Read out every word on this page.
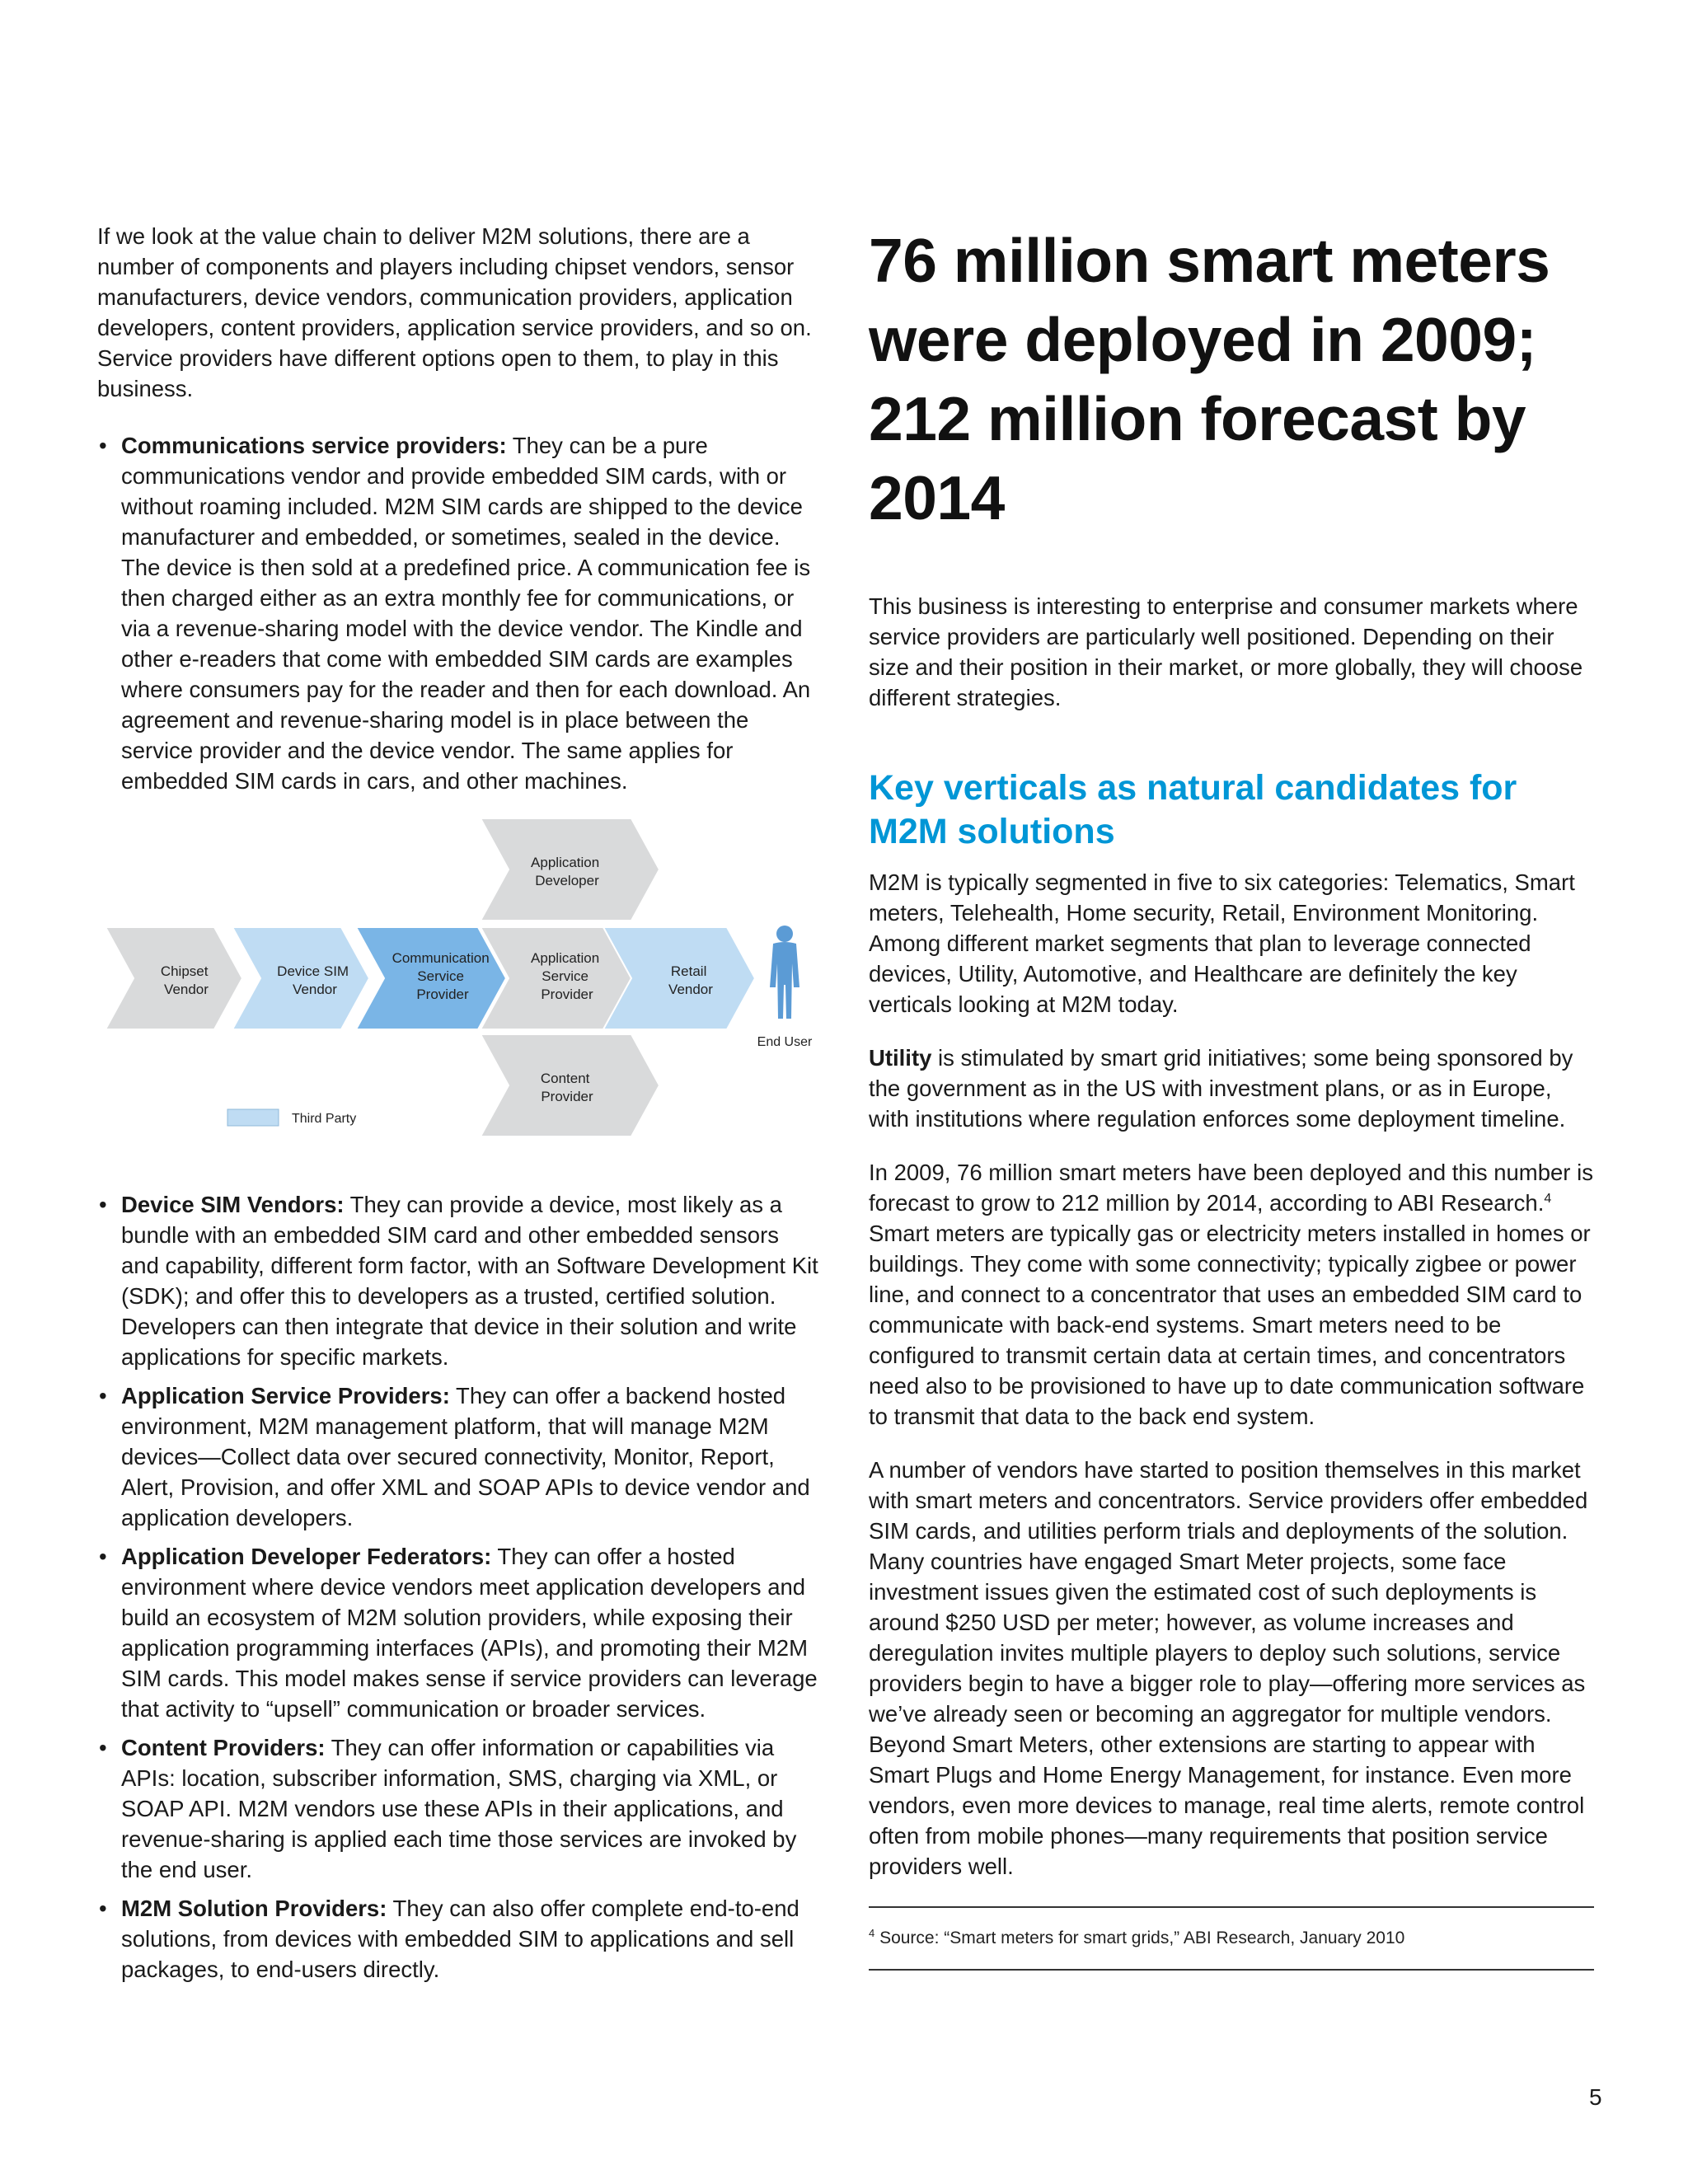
If we look at the value chain to deliver M2M solutions, there are a number of components and players including chipset vendors, sensor manufacturers, device vendors, communication providers, application developers, content providers, application service providers, and so on. Service providers have different options open to them, to play in this business.

• Communications service providers: They can be a pure communications vendor and provide embedded SIM cards, with or without roaming included. M2M SIM cards are shipped to the device manufacturer and embedded, or sometimes, sealed in the device. The device is then sold at a predefined price. A communication fee is then charged either as an extra monthly fee for communications, or via a revenue-sharing model with the device vendor. The Kindle and other e-readers that come with embedded SIM cards are examples where consumers pay for the reader and then for each download. An agreement and revenue-sharing model is in place between the service provider and the device vendor. The same applies for embedded SIM cards in cars, and other machines.
Application Developer
Chipset Vendor
Device SIM Vendor
Communication Service Provider
Application Service Provider
Retail Vendor
End User
Content Provider
Third Party
• Device SIM Vendors: They can provide a device, most likely as a bundle with an embedded SIM card and other embedded sensors and capability, different form factor, with an Software Development Kit (SDK); and offer this to developers as a trusted, certified solution. Developers can then integrate that device in their solution and write applications for specific markets.
• Application Service Providers: They can offer a backend hosted environment, M2M management platform, that will manage M2M devices—Collect data over secured connectivity, Monitor, Report, Alert, Provision, and offer XML and SOAP APIs to device vendor and application developers.
• Application Developer Federators: They can offer a hosted environment where device vendors meet application developers and build an ecosystem of M2M solution providers, while exposing their application programming interfaces (APIs), and promoting their M2M SIM cards. This model makes sense if service providers can leverage that activity to “upsell” communication or broader services.
• Content Providers: They can offer information or capabilities via APIs: location, subscriber information, SMS, charging via XML, or SOAP API. M2M vendors use these APIs in their applications, and revenue-sharing is applied each time those services are invoked by the end user.
• M2M Solution Providers: They can also offer complete end-to-end solutions, from devices with embedded SIM to applications and sell packages, to end-users directly.
76 million smart meters were deployed in 2009; 212 million forecast by 2014

This business is interesting to enterprise and consumer markets where service providers are particularly well positioned. Depending on their size and their position in their market, or more globally, they will choose different strategies.

Key verticals as natural candidates for M2M solutions

M2M is typically segmented in five to six categories: Telematics, Smart meters, Telehealth, Home security, Retail, Environment Monitoring. Among different market segments that plan to leverage connected devices, Utility, Automotive, and Healthcare are definitely the key verticals looking at M2M today.

Utility is stimulated by smart grid initiatives; some being sponsored by the government as in the US with investment plans, or as in Europe, with institutions where regulation enforces some deployment timeline.

In 2009, 76 million smart meters have been deployed and this number is forecast to grow to 212 million by 2014, according to ABI Research.$^4$ Smart meters are typically gas or electricity meters installed in homes or buildings. They come with some connectivity; typically zigbee or power line, and connect to a concentrator that uses an embedded SIM card to communicate with back-end systems. Smart meters need to be configured to transmit certain data at certain times, and concentrators need also to be provisioned to have up to date communication software to transmit that data to the back end system.

A number of vendors have started to position themselves in this market with smart meters and concentrators. Service providers offer embedded SIM cards, and utilities perform trials and deployments of the solution. Many countries have engaged Smart Meter projects, some face investment issues given the estimated cost of such deployments is around $250 USD per meter; however, as volume increases and deregulation invites multiple players to deploy such solutions, service providers begin to have a bigger role to play—offering more services as we’ve already seen or becoming an aggregator for multiple vendors. Beyond Smart Meters, other extensions are starting to appear with Smart Plugs and Home Energy Management, for instance. Even more vendors, even more devices to manage, real time alerts, remote control often from mobile phones—many requirements that position service providers well.

$^4$ Source: “Smart meters for smart grids,” ABI Research, January 2010
5
